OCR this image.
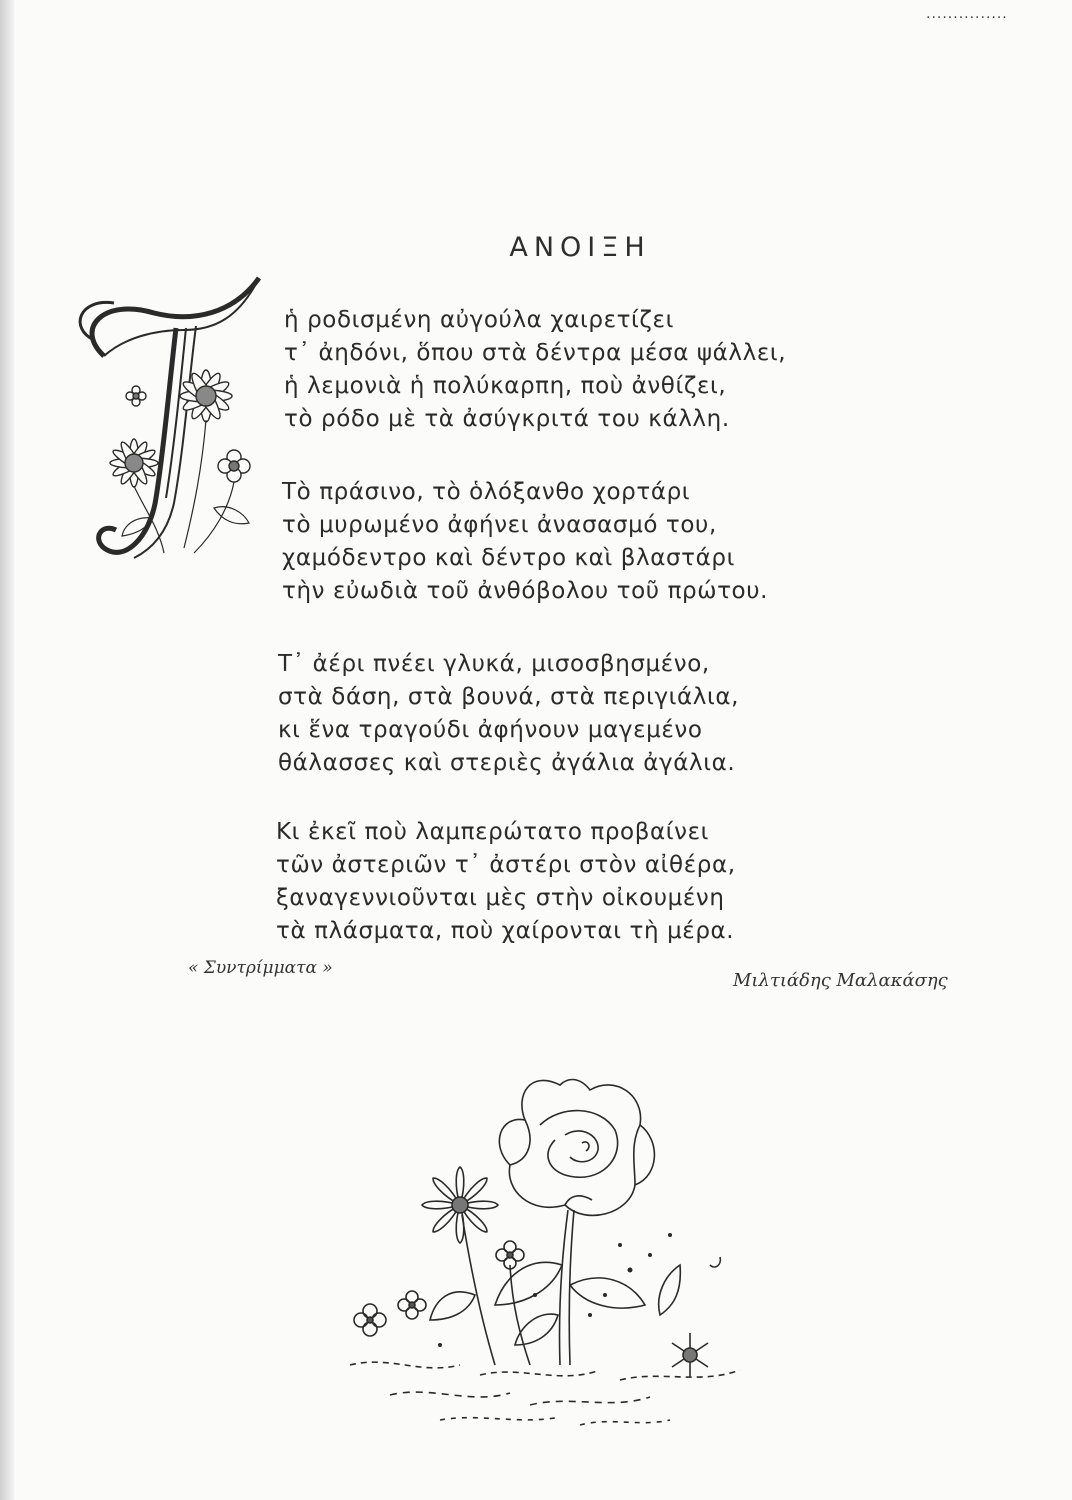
...............
ΑΝΟΙΞΗ
ἡ ροδισμένη αὐγούλα χαιρετίζει
τ᾽ ἀηδόνι, ὅπου στὰ δέντρα μέσα ψάλλει,
ἡ λεμονιὰ ἡ πολύκαρπη, ποὺ ἀνθίζει,
τὸ ρόδο μὲ τὰ ἀσύγκριτά του κάλλη.
Τὸ πράσινο, τὸ ὁλόξανθο χορτάρι
τὸ μυρωμένο ἀφήνει ἀνασασμό του,
χαμόδεντρο καὶ δέντρο καὶ βλαστάρι
τὴν εὐωδιὰ τοῦ ἀνθόβολου τοῦ πρώτου.
Τ᾽ ἀέρι πνέει γλυκά, μισοσβησμένο,
στὰ δάση, στὰ βουνά, στὰ περιγιάλια,
κι ἕνα τραγούδι ἀφήνουν μαγεμένο
θάλασσες καὶ στεριὲς ἀγάλια ἀγάλια.
Κι ἐκεῖ ποὺ λαμπερώτατο προβαίνει
τῶν ἀστεριῶν τ᾽ ἀστέρι στὸν αἰθέρα,
ξαναγεννιοῦνται μὲς στὴν οἰκουμένη
τὰ πλάσματα, ποὺ χαίρονται τὴ μέρα.
« Συντρίμματα »
Μιλτιάδης Μαλακάσης
